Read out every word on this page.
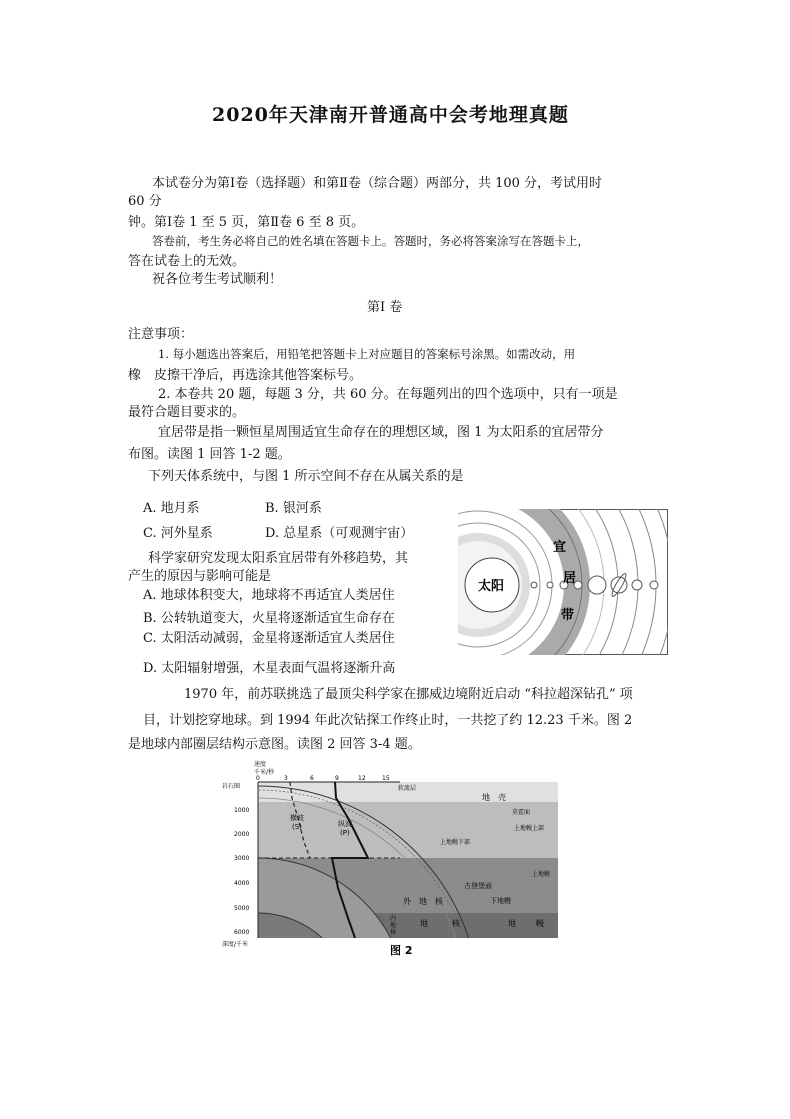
2020年天津南开普通高中会考地理真题
本试卷分为第Ⅰ卷（选择题）和第Ⅱ卷（综合题）两部分，共 100 分，考试用时
60 分
钟。第Ⅰ卷 1 至 5 页，第Ⅱ卷 6 至 8 页。
答卷前，考生务必将自己的姓名填在答题卡上。答题时，务必将答案涂写在答题卡上，
答在试卷上的无效。
祝各位考生考试顺利！
第Ⅰ 卷
注意事项：
1. 每小题选出答案后，用铅笔把答题卡上对应题目的答案标号涂黑。如需改动，用
橡　皮擦干净后，再选涂其他答案标号。
2. 本卷共 20 题，每题 3 分，共 60 分。在每题列出的四个选项中，只有一项是
最符合题目要求的。
宜居带是指一颗恒星周围适宜生命存在的理想区域，图 1 为太阳系的宜居带分
布图。读图 1 回答 1-2 题。
下列天体系统中，与图 1 所示空间不存在从属关系的是
A. 地月系	B. 银河系
C. 河外星系	D. 总星系（可观测宇宙）
科学家研究发现太阳系宜居带有外移趋势，其
产生的原因与影响可能是
A. 地球体积变大，地球将不再适宜人类居住
B. 公转轨道变大，火星将逐渐适宜生命存在
C. 太阳活动减弱，金星将逐渐适宜人类居住
D. 太阳辐射增强，木星表面气温将逐渐升高
太阳
宜
居
带
1970 年，前苏联挑选了最顶尖科学家在挪威边境附近启动 “科拉超深钻孔” 项
目，计划挖穿地球。到 1994 年此次钻探工作终止时，一共挖了约 12.23 千米。图 2
是地球内部圈层结构示意图。读图 2 回答 3-4 题。
速度
千米/秒
0	3	6	9	12	15
岩石圈
1000
2000
3000
4000
5000
6000
深度/千米
软流层
横波
(S)	纵波
(P)
地　壳
莫霍面
上地幔上部
上地幔下部
上地幔
古登堡面
下地幔
外　地　核
内
地
核
地	核	地	幔
图 2
